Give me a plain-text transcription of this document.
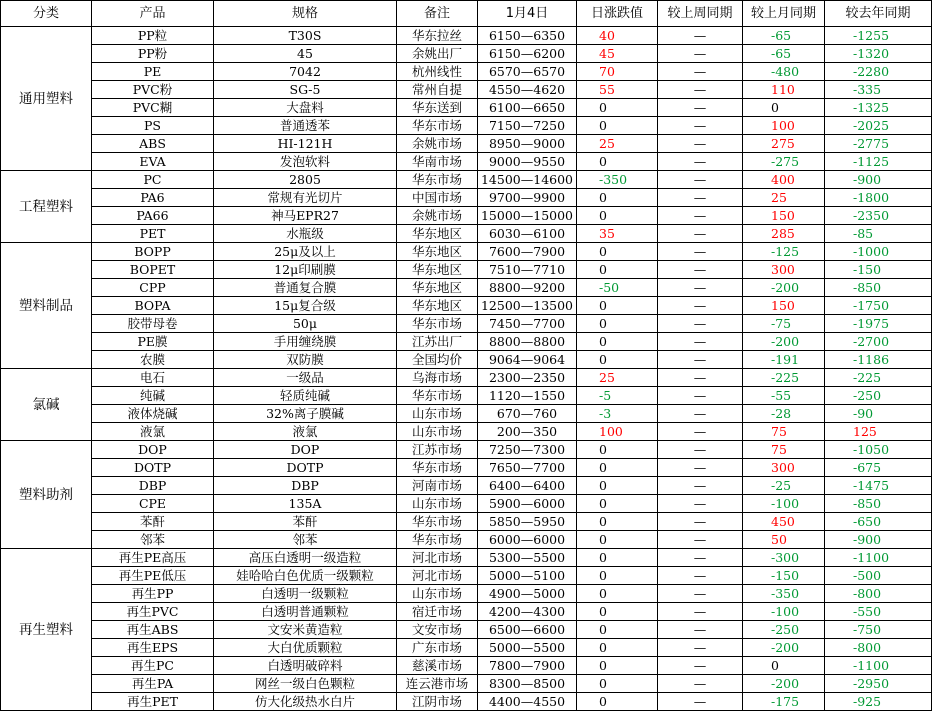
分类	产品	规格	备注	1月4日	日涨跌值	较上周同期	较上月同期	较去年同期
通用塑料	PP粒	T30S	华东拉丝	6150—6350	40	—	-65	-1255
	PP粉	45	余姚出厂	6150—6200	45	—	-65	-1320
	PE	7042	杭州线性	6570—6570	70	—	-480	-2280
	PVC粉	SG-5	常州自提	4550—4620	55	—	110	-335
	PVC糊	大盘料	华东送到	6100—6650	0	—	0	-1325
	PS	普通透苯	华东市场	7150—7250	0	—	100	-2025
	ABS	HI-121H	余姚市场	8950—9000	25	—	275	-2775
	EVA	发泡软料	华南市场	9000—9550	0	—	-275	-1125
工程塑料	PC	2805	华东市场	14500—14600	-350	—	400	-900
	PA6	常规有光切片	中国市场	9700—9900	0	—	25	-1800
	PA66	神马EPR27	余姚市场	15000—15000	0	—	150	-2350
	PET	水瓶级	华东地区	6030—6100	35	—	285	-85
塑料制品	BOPP	25μ及以上	华东地区	7600—7900	0	—	-125	-1000
	BOPET	12μ印刷膜	华东地区	7510—7710	0	—	300	-150
	CPP	普通复合膜	华东地区	8800—9200	-50	—	-200	-850
	BOPA	15μ复合级	华东地区	12500—13500	0	—	150	-1750
	胶带母卷	50μ	华东市场	7450—7700	0	—	-75	-1975
	PE膜	手用缠绕膜	江苏出厂	8800—8800	0	—	-200	-2700
	农膜	双防膜	全国均价	9064—9064	0	—	-191	-1186
氯碱	电石	一级品	乌海市场	2300—2350	25	—	-225	-225
	纯碱	轻质纯碱	华东市场	1120—1550	-5	—	-55	-250
	液体烧碱	32%离子膜碱	山东市场	670—760	-3	—	-28	-90
	液氯	液氯	山东市场	200—350	100	—	75	125
塑料助剂	DOP	DOP	江苏市场	7250—7300	0	—	75	-1050
	DOTP	DOTP	华东市场	7650—7700	0	—	300	-675
	DBP	DBP	河南市场	6400—6400	0	—	-25	-1475
	CPE	135A	山东市场	5900—6000	0	—	-100	-850
	苯酐	苯酐	华东市场	5850—5950	0	—	450	-650
	邻苯	邻苯	华东市场	6000—6000	0	—	50	-900
再生塑料	再生PE高压	高压白透明一级造粒	河北市场	5300—5500	0	—	-300	-1100
	再生PE低压	娃哈哈白色优质一级颗粒	河北市场	5000—5100	0	—	-150	-500
	再生PP	白透明一级颗粒	山东市场	4900—5000	0	—	-350	-800
	再生PVC	白透明普通颗粒	宿迁市场	4200—4300	0	—	-100	-550
	再生ABS	文安米黄造粒	文安市场	6500—6600	0	—	-250	-750
	再生EPS	大白优质颗粒	广东市场	5000—5500	0	—	-200	-800
	再生PC	白透明破碎料	慈溪市场	7800—7900	0	—	0	-1100
	再生PA	网丝一级白色颗粒	连云港市场	8300—8500	0	—	-200	-2950
	再生PET	仿大化级热水白片	江阴市场	4400—4550	0	—	-175	-925
